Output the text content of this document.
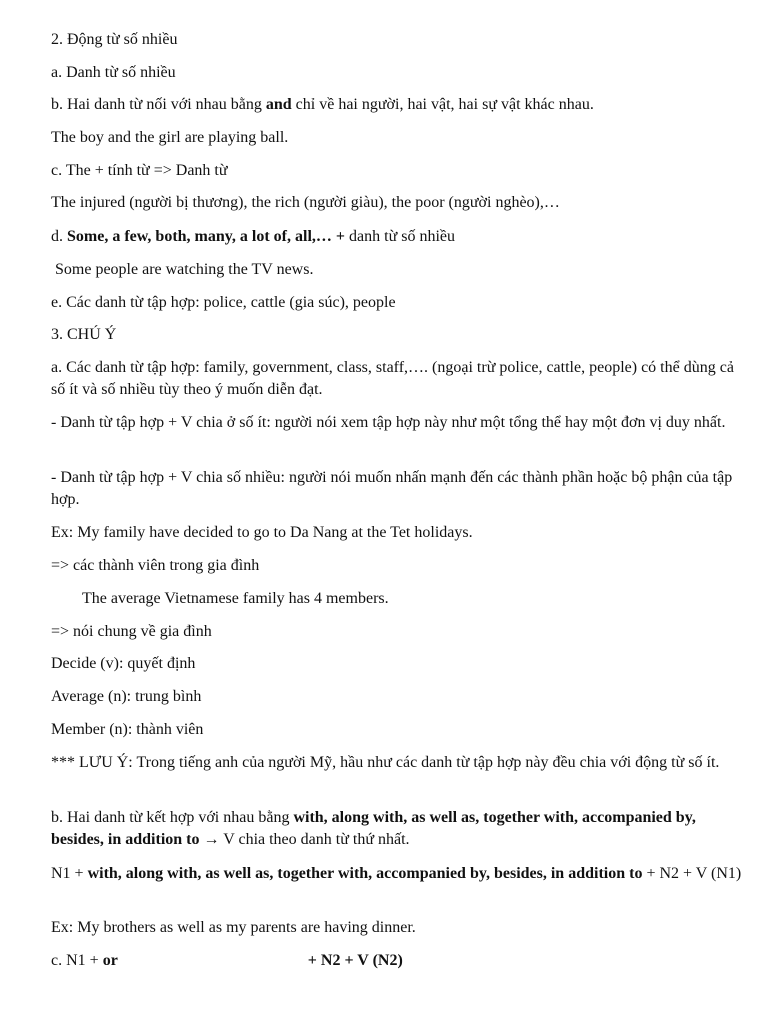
2. Động từ số nhiều

a. Danh từ số nhiều

b. Hai danh từ nối với nhau bằng and chỉ về hai người, hai vật, hai sự vật khác nhau.

The boy and the girl are playing ball.

c. The + tính từ => Danh từ

The injured (người bị thương), the rich (người giàu), the poor (người nghèo),…

d. Some, a few, both, many, a lot of, all,… + danh từ số nhiều

Some people are watching the TV news.

e. Các danh từ tập hợp: police, cattle (gia súc), people

3. CHÚ Ý

a. Các danh từ tập hợp: family, government, class, staff,…. (ngoại trừ police, cattle, people) có thể dùng cả số ít và số nhiều tùy theo ý muốn diễn đạt.

- Danh từ tập hợp + V chia ở số ít: người nói xem tập hợp này như một tổng thể hay một đơn vị duy nhất.

- Danh từ tập hợp + V chia số nhiều: người nói muốn nhấn mạnh đến các thành phần hoặc bộ phận của tập hợp.

Ex: My family have decided to go to Da Nang at the Tet holidays.

=> các thành viên trong gia đình

The average Vietnamese family has 4 members.

=> nói chung về gia đình

Decide (v): quyết định

Average (n): trung bình

Member (n): thành viên

*** LƯU Ý: Trong tiếng anh của người Mỹ, hầu như các danh từ tập hợp này đều chia với động từ số ít.

b. Hai danh từ kết hợp với nhau bằng with, along with, as well as, together with, accompanied by, besides, in addition to → V chia theo danh từ thứ nhất.

N1 + with, along with, as well as, together with, accompanied by, besides, in addition to + N2 + V (N1)

Ex: My brothers as well as my parents are having dinner.

c. N1 + or	+ N2 + V (N2)
